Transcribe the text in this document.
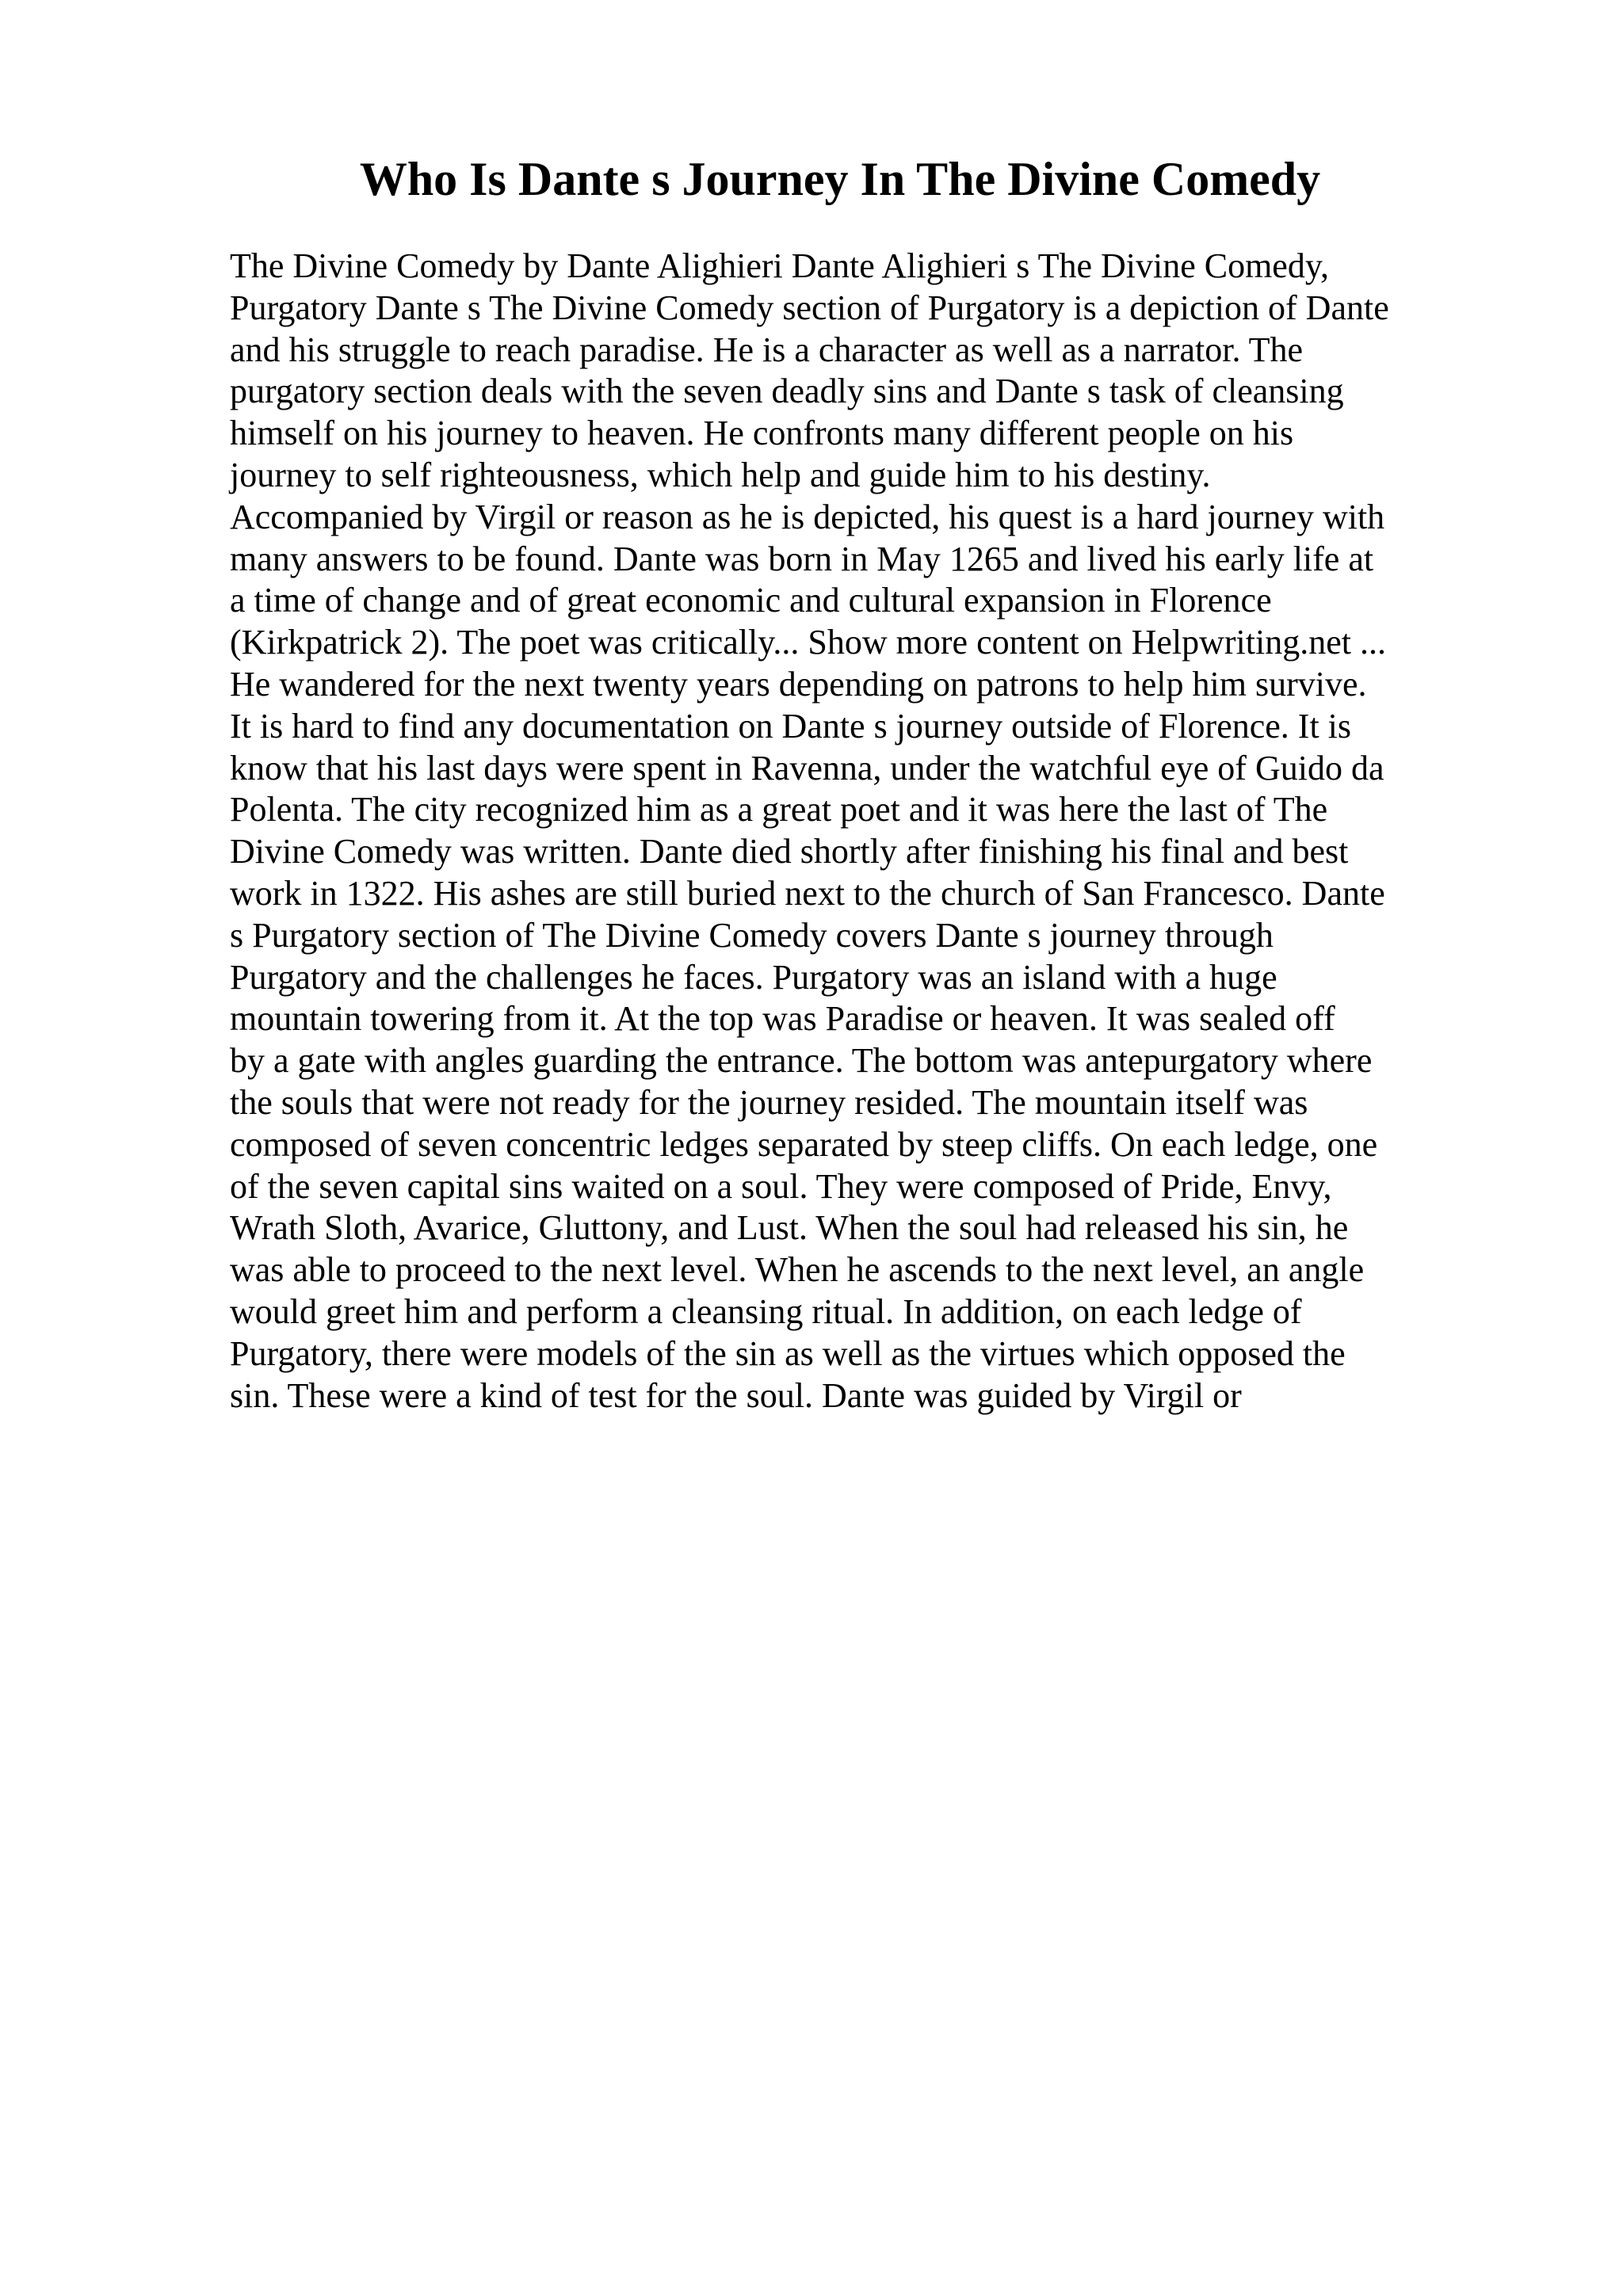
Who Is Dante s Journey In The Divine Comedy
The Divine Comedy by Dante Alighieri Dante Alighieri s The Divine Comedy,
Purgatory Dante s The Divine Comedy section of Purgatory is a depiction of Dante
and his struggle to reach paradise. He is a character as well as a narrator. The
purgatory section deals with the seven deadly sins and Dante s task of cleansing
himself on his journey to heaven. He confronts many different people on his
journey to self righteousness, which help and guide him to his destiny.
Accompanied by Virgil or reason as he is depicted, his quest is a hard journey with
many answers to be found. Dante was born in May 1265 and lived his early life at
a time of change and of great economic and cultural expansion in Florence
(Kirkpatrick 2). The poet was critically... Show more content on Helpwriting.net ...
He wandered for the next twenty years depending on patrons to help him survive.
It is hard to find any documentation on Dante s journey outside of Florence. It is
know that his last days were spent in Ravenna, under the watchful eye of Guido da
Polenta. The city recognized him as a great poet and it was here the last of The
Divine Comedy was written. Dante died shortly after finishing his final and best
work in 1322. His ashes are still buried next to the church of San Francesco. Dante
s Purgatory section of The Divine Comedy covers Dante s journey through
Purgatory and the challenges he faces. Purgatory was an island with a huge
mountain towering from it. At the top was Paradise or heaven. It was sealed off
by a gate with angles guarding the entrance. The bottom was antepurgatory where
the souls that were not ready for the journey resided. The mountain itself was
composed of seven concentric ledges separated by steep cliffs. On each ledge, one
of the seven capital sins waited on a soul. They were composed of Pride, Envy,
Wrath Sloth, Avarice, Gluttony, and Lust. When the soul had released his sin, he
was able to proceed to the next level. When he ascends to the next level, an angle
would greet him and perform a cleansing ritual. In addition, on each ledge of
Purgatory, there were models of the sin as well as the virtues which opposed the
sin. These were a kind of test for the soul. Dante was guided by Virgil or
